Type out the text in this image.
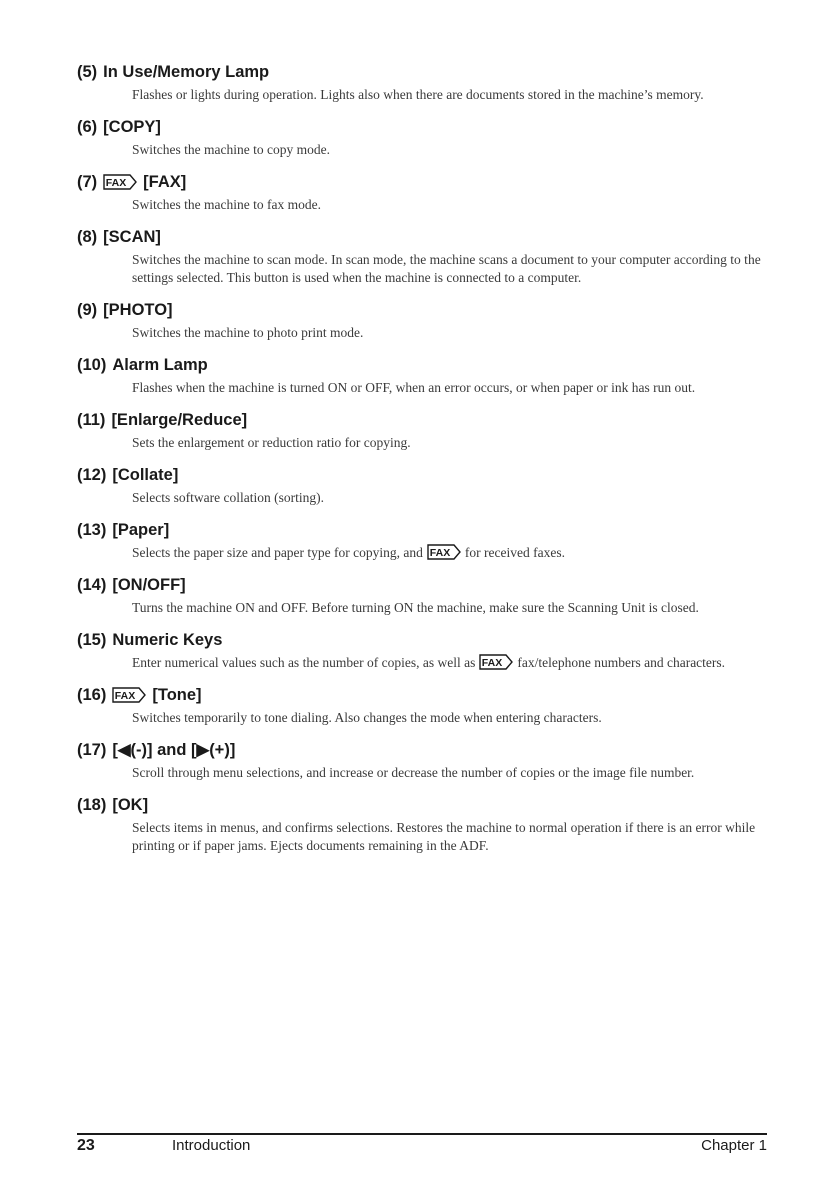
(5) In Use/Memory Lamp
Flashes or lights during operation. Lights also when there are documents stored in the machine’s memory.
(6) [COPY]
Switches the machine to copy mode.
(7) FAX [FAX]
Switches the machine to fax mode.
(8) [SCAN]
Switches the machine to scan mode. In scan mode, the machine scans a document to your computer according to the settings selected. This button is used when the machine is connected to a computer.
(9) [PHOTO]
Switches the machine to photo print mode.
(10) Alarm Lamp
Flashes when the machine is turned ON or OFF, when an error occurs, or when paper or ink has run out.
(11) [Enlarge/Reduce]
Sets the enlargement or reduction ratio for copying.
(12) [Collate]
Selects software collation (sorting).
(13) [Paper]
Selects the paper size and paper type for copying, and FAX for received faxes.
(14) [ON/OFF]
Turns the machine ON and OFF. Before turning ON the machine, make sure the Scanning Unit is closed.
(15) Numeric Keys
Enter numerical values such as the number of copies, as well as FAX fax/telephone numbers and characters.
(16) FAX [Tone]
Switches temporarily to tone dialing. Also changes the mode when entering characters.
(17) [◀(-)] and [▶(+)]
Scroll through menu selections, and increase or decrease the number of copies or the image file number.
(18) [OK]
Selects items in menus, and confirms selections. Restores the machine to normal operation if there is an error while printing or if paper jams. Ejects documents remaining in the ADF.
23	Introduction	Chapter 1
